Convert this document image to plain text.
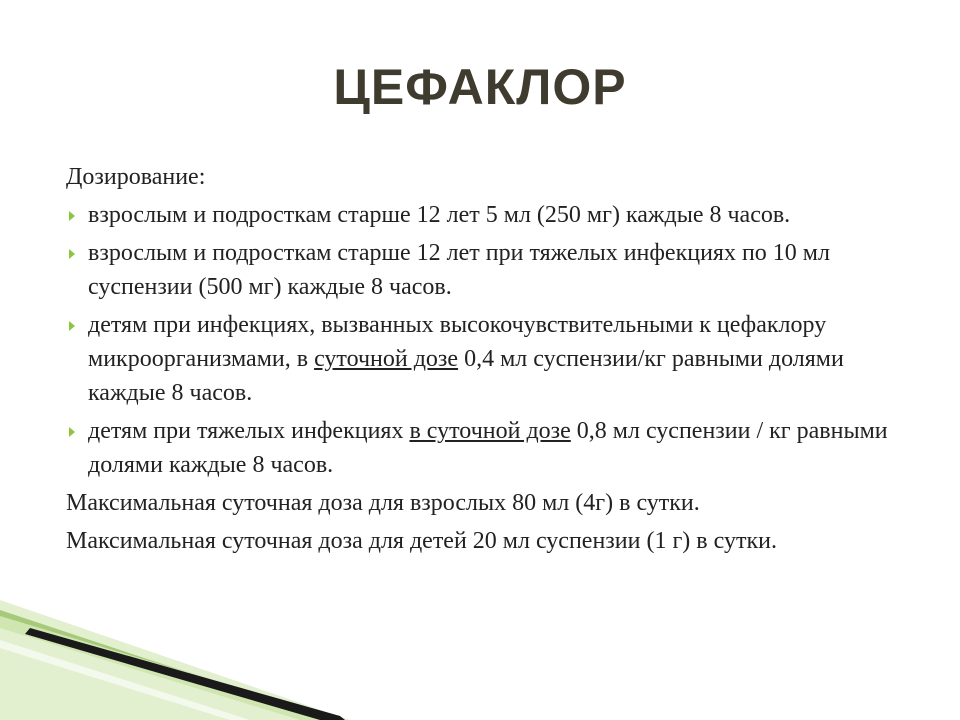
ЦЕФАКЛОР

Дозирование:

взрослым и подросткам старше 12 лет 5 мл (250 мг) каждые 8 часов.
взрослым и подросткам старше 12 лет при тяжелых инфекциях по 10 мл суспензии (500 мг) каждые 8 часов.
детям при инфекциях, вызванных высокочувствительными к цефаклору микроорганизмами, в суточной дозе 0,4 мл суспензии/кг равными долями каждые 8 часов.
детям при тяжелых инфекциях в суточной дозе 0,8 мл суспензии / кг равными долями каждые 8 часов.

Максимальная суточная доза для взрослых 80 мл (4г) в сутки.

Максимальная суточная доза для детей 20 мл суспензии (1 г) в сутки.
